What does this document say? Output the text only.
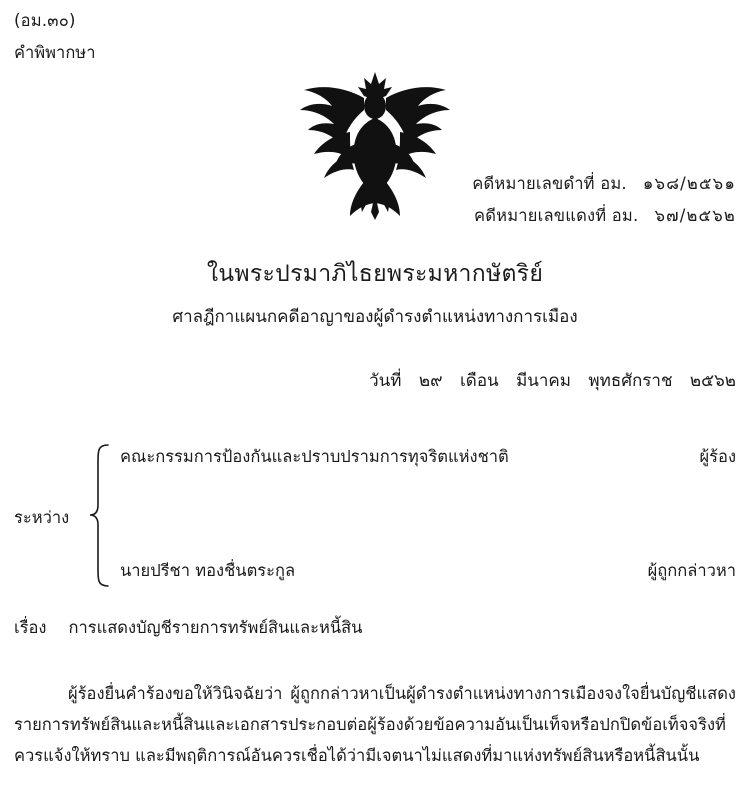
(อม.๓๐)
คำพิพากษา
คดีหมายเลขดำที่ อม. ๑๖๘/๒๕๖๑
คดีหมายเลขแดงที่ อม. ๖๗/๒๕๖๒
ในพระปรมาภิไธยพระมหากษัตริย์
ศาลฎีกาแผนกคดีอาญาของผู้ดำรงตำแหน่งทางการเมือง
วันที่ ๒๙ เดือน มีนาคม พุทธศักราช ๒๕๖๒
ระหว่าง
คณะกรรมการป้องกันและปราบปรามการทุจริตแห่งชาติ	ผู้ร้อง
นายปรีชา ทองชื่นตระกูล	ผู้ถูกกล่าวหา
เรื่อง การแสดงบัญชีรายการทรัพย์สินและหนี้สิน
ผู้ร้องยื่นคำร้องขอให้วินิจฉัยว่า ผู้ถูกกล่าวหาเป็นผู้ดำรงตำแหน่งทางการเมืองจงใจยื่นบัญชีแสดงรายการทรัพย์สินและหนี้สินและเอกสารประกอบต่อผู้ร้องด้วยข้อความอันเป็นเท็จหรือปกปิดข้อเท็จจริงที่ควรแจ้งให้ทราบ และมีพฤติการณ์อันควรเชื่อได้ว่ามีเจตนาไม่แสดงที่มาแห่งทรัพย์สินหรือหนี้สินนั้น
